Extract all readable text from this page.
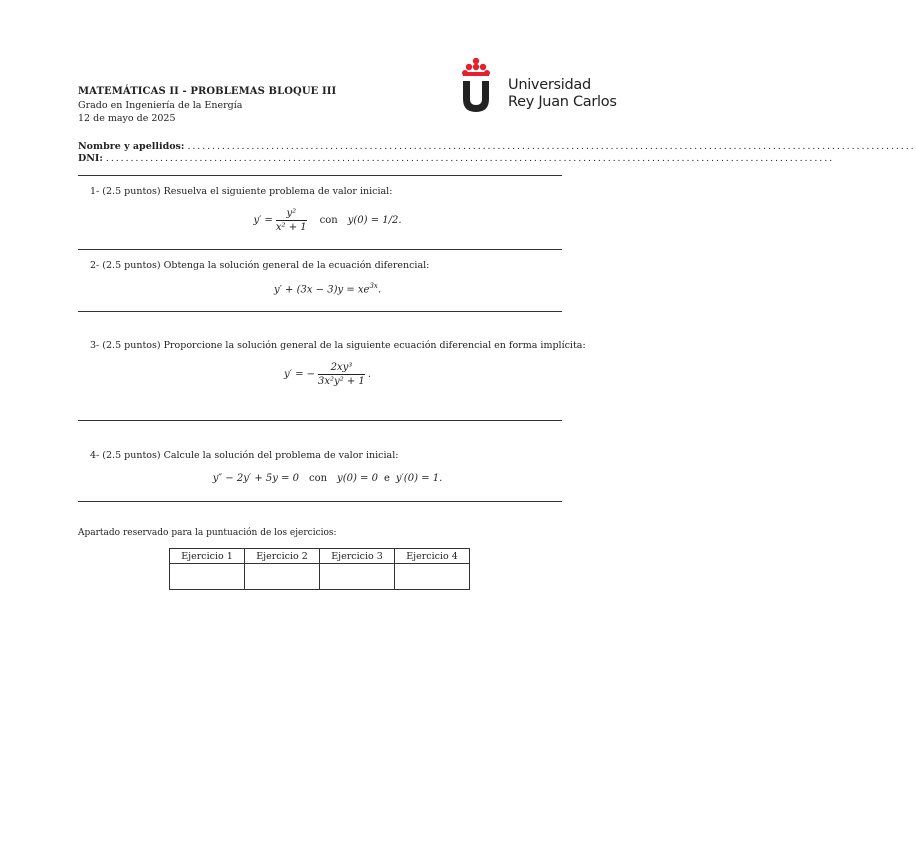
MATEMÁTICAS II - PROBLEMAS BLOQUE III
Grado en Ingeniería de la Energía
12 de mayo de 2025
Universidad
Rey Juan Carlos
Nombre y apellidos: ....................................................................................................................................................
DNI: ....................................................................................................................................................
1- (2.5 puntos) Resuelva el siguiente problema de valor inicial:
$y' = \frac{\text{y²}}{\text{x² + 1}}$ con y(0) = 1/2.
2- (2.5 puntos) Obtenga la solución general de la ecuación diferencial:
$y' + (3x - 3)y = xe^{3x}$.
3- (2.5 puntos) Proporcione la solución general de la siguiente ecuación diferencial en forma implícita:
y′ = − $\frac{\text{2xy³}}{\text{3x²y² + 1}}$ .
4- (2.5 puntos) Calcule la solución del problema de valor inicial:
y″ − 2y′ + 5y = 0 con y(0) = 0 e y′(0) = 1.
Apartado reservado para la puntuación de los ejercicios:
Ejercicio 1	Ejercicio 2	Ejercicio 3	Ejercicio 4
